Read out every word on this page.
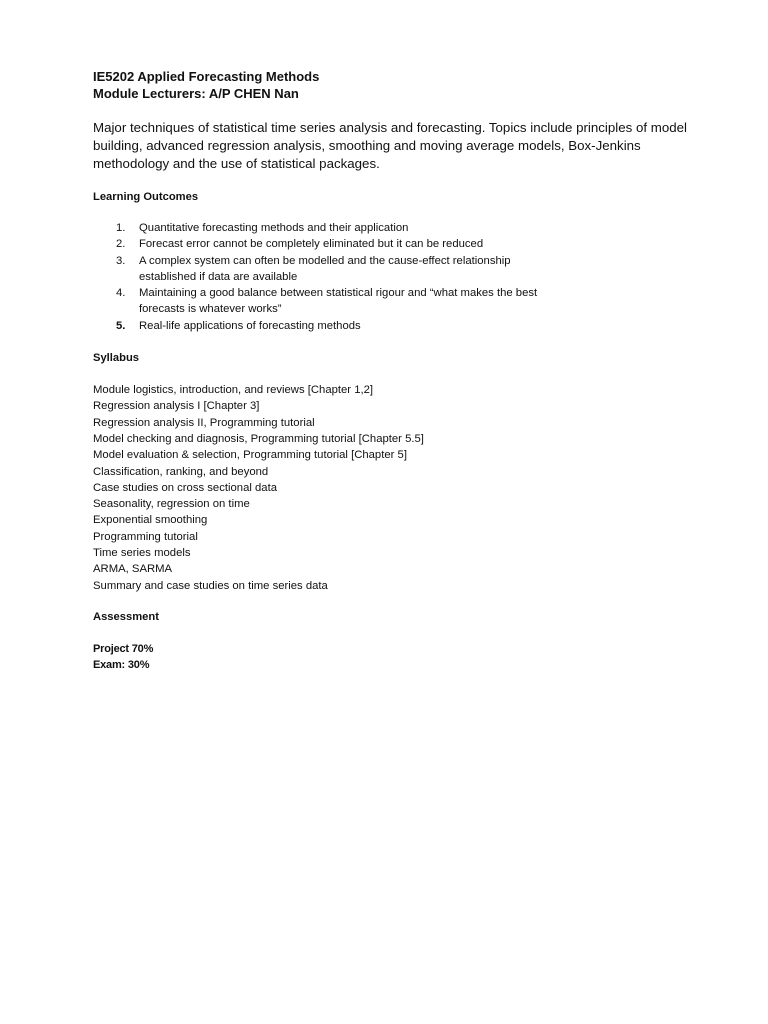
IE5202 Applied Forecasting Methods

Module Lecturers: A/P CHEN Nan

Major techniques of statistical time series analysis and forecasting. Topics include principles of model building, advanced regression analysis, smoothing and moving average models, Box-Jenkins methodology and the use of statistical packages.

Learning Outcomes

1. Quantitative forecasting methods and their application
2. Forecast error cannot be completely eliminated but it can be reduced
3. A complex system can often be modelled and the cause-effect relationship established if data are available
4. Maintaining a good balance between statistical rigour and “what makes the best forecasts is whatever works”
5. Real-life applications of forecasting methods

Syllabus

Module logistics, introduction, and reviews [Chapter 1,2]
Regression analysis I [Chapter 3]
Regression analysis II, Programming tutorial
Model checking and diagnosis, Programming tutorial [Chapter 5.5]
Model evaluation & selection, Programming tutorial [Chapter 5]
Classification, ranking, and beyond
Case studies on cross sectional data
Seasonality, regression on time
Exponential smoothing
Programming tutorial
Time series models
ARMA, SARMA
Summary and case studies on time series data

Assessment

Project 70%
Exam: 30%
